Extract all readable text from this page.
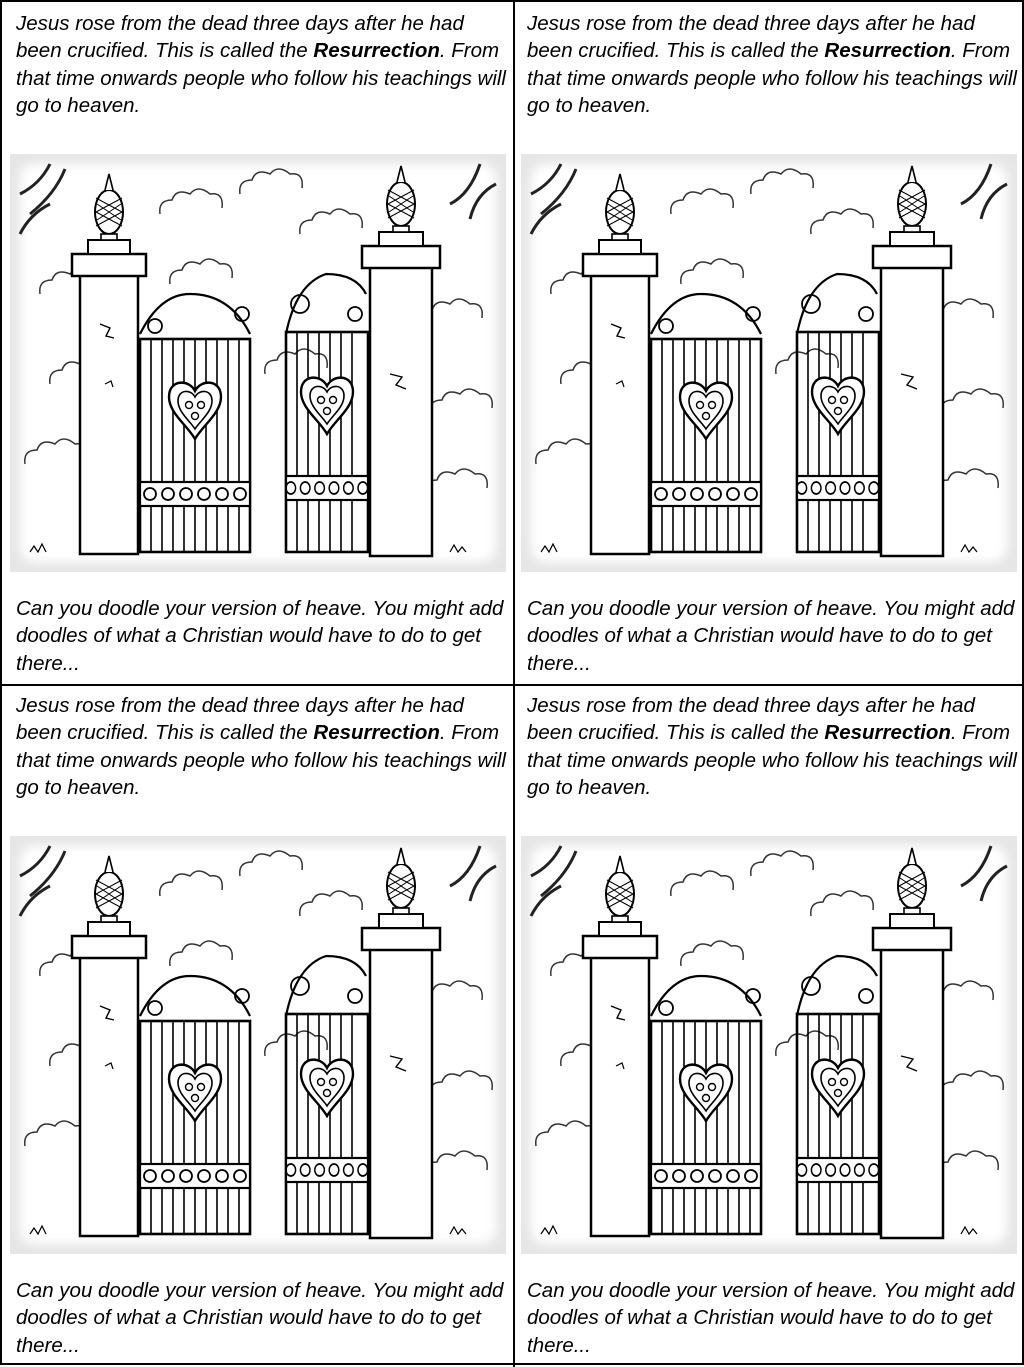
Jesus rose from the dead three days after he had been crucified. This is called the Resurrection. From that time onwards people who follow his teachings will go to heaven.

Can you doodle your version of heave. You might add doodles of what a Christian would have to do to get there...

Jesus rose from the dead three days after he had been crucified. This is called the Resurrection. From that time onwards people who follow his teachings will go to heaven.

Can you doodle your version of heave. You might add doodles of what a Christian would have to do to get there...

Jesus rose from the dead three days after he had been crucified. This is called the Resurrection. From that time onwards people who follow his teachings will go to heaven.

Can you doodle your version of heave. You might add doodles of what a Christian would have to do to get there...

Jesus rose from the dead three days after he had been crucified. This is called the Resurrection. From that time onwards people who follow his teachings will go to heaven.

Can you doodle your version of heave. You might add doodles of what a Christian would have to do to get there...
